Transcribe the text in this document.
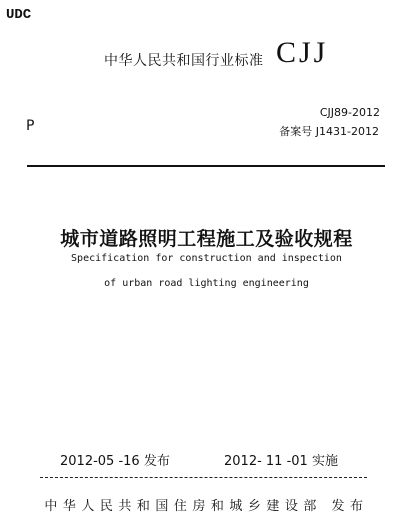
UDC
中华人民共和国行业标准 CJJ
P
CJJ89-2012
备案号 J1431-2012
城市道路照明工程施工及验收规程
Specification for construction and inspection
of urban road lighting engineering
2012-05 -16 发布	2012- 11 -01 实施
中华人民共和国住房和城乡建设部 发布
